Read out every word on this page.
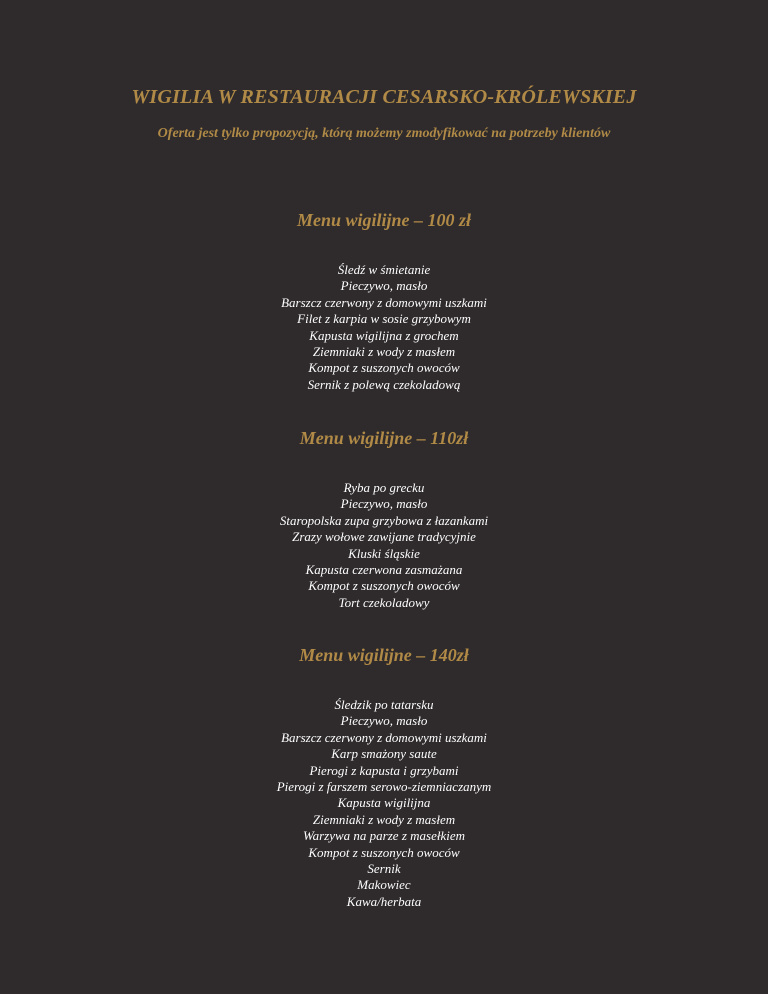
WIGILIA W RESTAURACJI CESARSKO-KRÓLEWSKIEJ

Oferta jest tylko propozycją, którą możemy zmodyfikować na potrzeby klientów

Menu wigilijne – 100 zł
Śledź w śmietanie
Pieczywo, masło
Barszcz czerwony z domowymi uszkami
Filet z karpia w sosie grzybowym
Kapusta wigilijna z grochem
Ziemniaki z wody z masłem
Kompot z suszonych owoców
Sernik z polewą czekoladową
Menu wigilijne – 110zł
Ryba po grecku
Pieczywo, masło
Staropolska zupa grzybowa z łazankami
Zrazy wołowe zawijane tradycyjnie
Kluski śląskie
Kapusta czerwona zasmażana
Kompot z suszonych owoców
Tort czekoladowy
Menu wigilijne – 140zł
Śledzik po tatarsku
Pieczywo, masło
Barszcz czerwony z domowymi uszkami
Karp smażony saute
Pierogi z kapusta i grzybami
Pierogi z farszem serowo-ziemniaczanym
Kapusta wigilijna
Ziemniaki z wody z masłem
Warzywa na parze z masełkiem
Kompot z suszonych owoców
Sernik
Makowiec
Kawa/herbata
